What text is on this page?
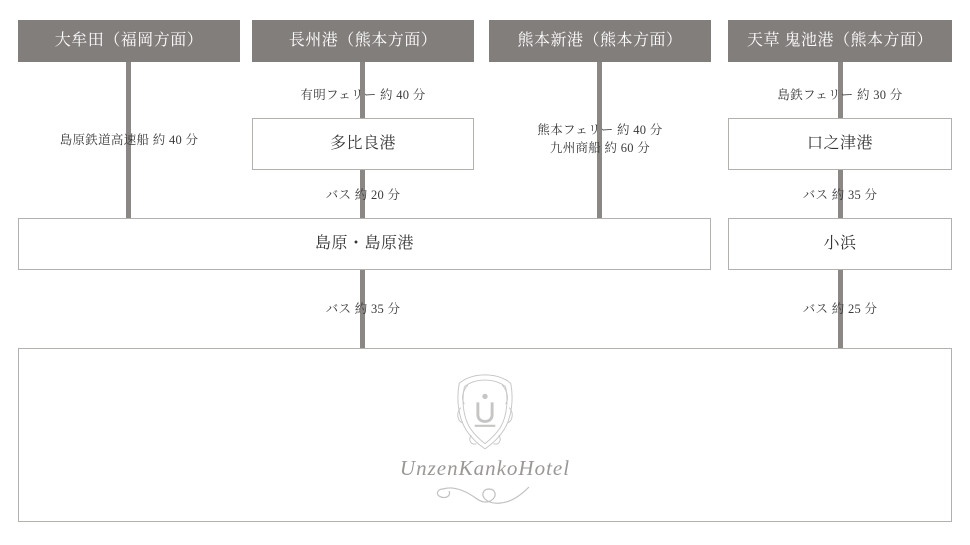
大牟田（福岡方面）	長州港（熊本方面）	熊本新港（熊本方面）	天草 鬼池港（熊本方面）
島原鉄道高速船 約 40 分
有明フェリー 約 40 分
熊本フェリー 約 40 分
九州商船 約 60 分
島鉄フェリー 約 30 分
多比良港	口之津港
バス 約 20 分	バス 約 35 分
島原・島原港	小浜
バス 約 35 分	バス 約 25 分
UnzenKankoHotel
